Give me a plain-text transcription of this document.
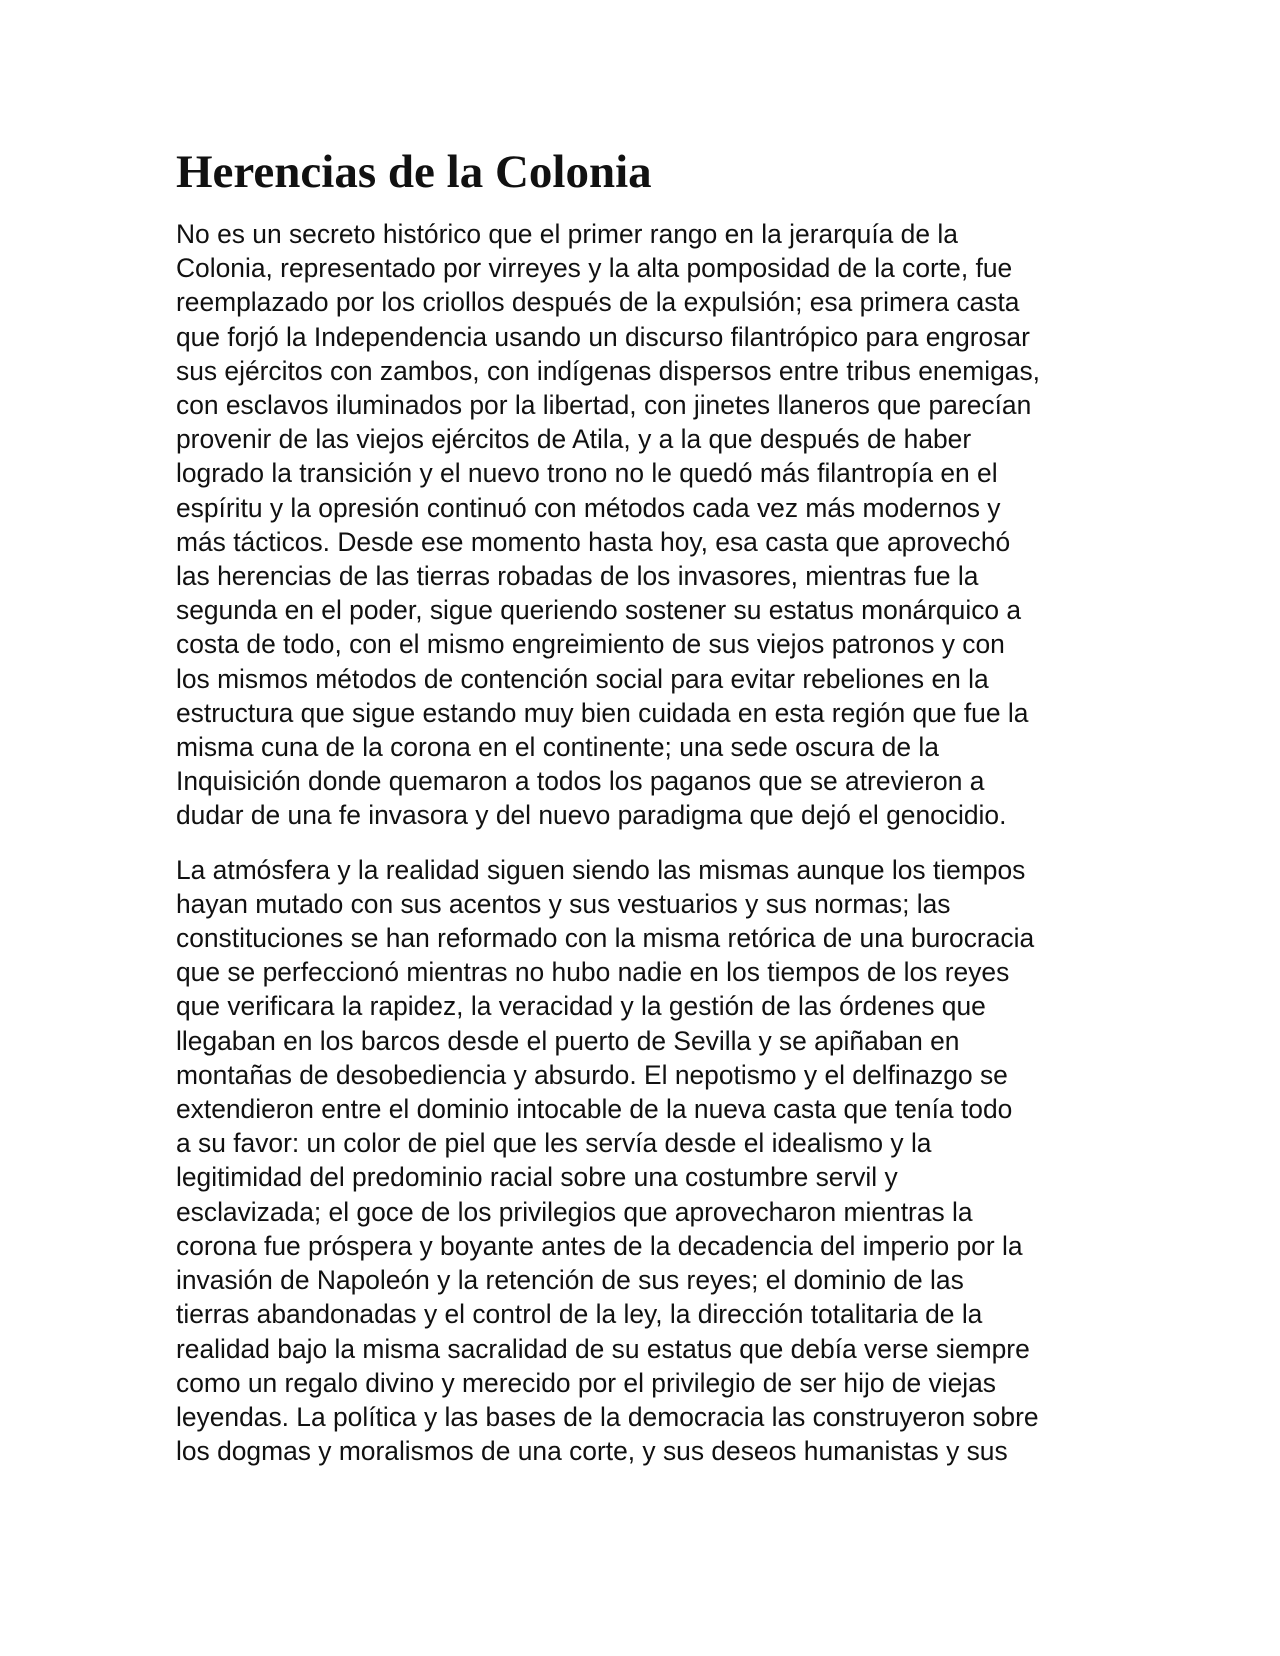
Herencias de la Colonia

No es un secreto histórico que el primer rango en la jerarquía de la
Colonia, representado por virreyes y la alta pomposidad de la corte, fue
reemplazado por los criollos después de la expulsión; esa primera casta
que forjó la Independencia usando un discurso filantrópico para engrosar
sus ejércitos con zambos, con indígenas dispersos entre tribus enemigas,
con esclavos iluminados por la libertad, con jinetes llaneros que parecían
provenir de las viejos ejércitos de Atila, y a la que después de haber
logrado la transición y el nuevo trono no le quedó más filantropía en el
espíritu y la opresión continuó con métodos cada vez más modernos y
más tácticos. Desde ese momento hasta hoy, esa casta que aprovechó
las herencias de las tierras robadas de los invasores, mientras fue la
segunda en el poder, sigue queriendo sostener su estatus monárquico a
costa de todo, con el mismo engreimiento de sus viejos patronos y con
los mismos métodos de contención social para evitar rebeliones en la
estructura que sigue estando muy bien cuidada en esta región que fue la
misma cuna de la corona en el continente; una sede oscura de la
Inquisición donde quemaron a todos los paganos que se atrevieron a
dudar de una fe invasora y del nuevo paradigma que dejó el genocidio.

La atmósfera y la realidad siguen siendo las mismas aunque los tiempos
hayan mutado con sus acentos y sus vestuarios y sus normas; las
constituciones se han reformado con la misma retórica de una burocracia
que se perfeccionó mientras no hubo nadie en los tiempos de los reyes
que verificara la rapidez, la veracidad y la gestión de las órdenes que
llegaban en los barcos desde el puerto de Sevilla y se apiñaban en
montañas de desobediencia y absurdo. El nepotismo y el delfinazgo se
extendieron entre el dominio intocable de la nueva casta que tenía todo
a su favor: un color de piel que les servía desde el idealismo y la
legitimidad del predominio racial sobre una costumbre servil y
esclavizada; el goce de los privilegios que aprovecharon mientras la
corona fue próspera y boyante antes de la decadencia del imperio por la
invasión de Napoleón y la retención de sus reyes; el dominio de las
tierras abandonadas y el control de la ley, la dirección totalitaria de la
realidad bajo la misma sacralidad de su estatus que debía verse siempre
como un regalo divino y merecido por el privilegio de ser hijo de viejas
leyendas. La política y las bases de la democracia las construyeron sobre
los dogmas y moralismos de una corte, y sus deseos humanistas y sus
